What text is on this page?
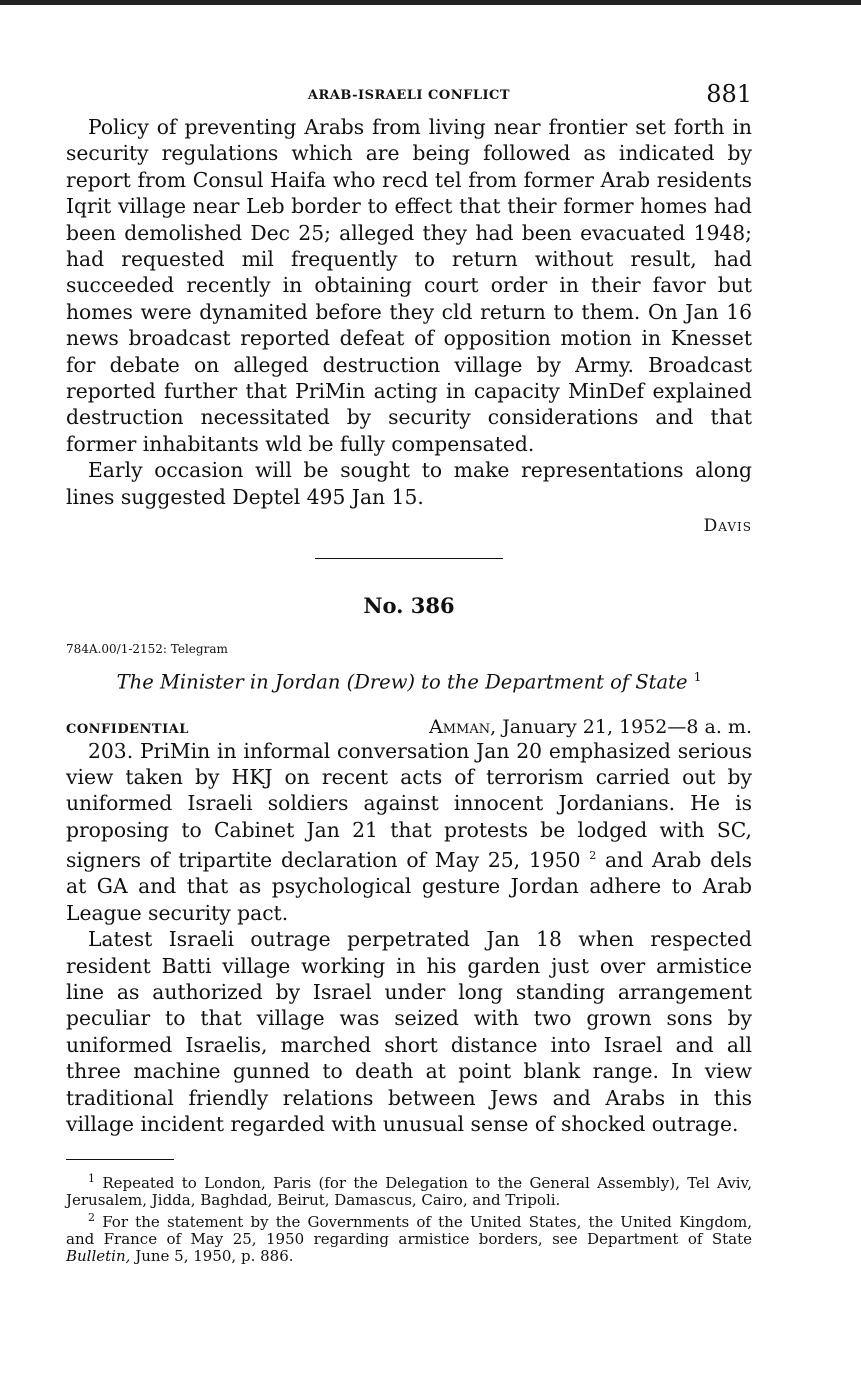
ARAB-ISRAELI CONFLICT	881

Policy of preventing Arabs from living near frontier set forth in security regulations which are being followed as indicated by report from Consul Haifa who recd tel from former Arab residents Iqrit village near Leb border to effect that their former homes had been demolished Dec 25; alleged they had been evacuated 1948; had requested mil frequently to return without result, had succeeded recently in obtaining court order in their favor but homes were dynamited before they cld return to them. On Jan 16 news broadcast reported defeat of opposition motion in Knesset for debate on alleged destruction village by Army. Broadcast reported further that PriMin acting in capacity MinDef explained destruction necessitated by security considerations and that former inhabitants wld be fully compensated.

Early occasion will be sought to make representations along lines suggested Deptel 495 Jan 15.

Davis
No. 386
784A.00/1-2152: Telegram
The Minister in Jordan (Drew) to the Department of State $^1$
CONFIDENTIAL	Amman, January 21, 1952—8 a. m.

203. PriMin in informal conversation Jan 20 emphasized serious view taken by HKJ on recent acts of terrorism carried out by uniformed Israeli soldiers against innocent Jordanians. He is proposing to Cabinet Jan 21 that protests be lodged with SC, signers of tripartite declaration of May 25, 1950 $^2$ and Arab dels at GA and that as psychological gesture Jordan adhere to Arab League security pact.

Latest Israeli outrage perpetrated Jan 18 when respected resident Batti village working in his garden just over armistice line as authorized by Israel under long standing arrangement peculiar to that village was seized with two grown sons by uniformed Israelis, marched short distance into Israel and all three machine gunned to death at point blank range. In view traditional friendly relations between Jews and Arabs in this village incident regarded with unusual sense of shocked outrage.

$^1$ Repeated to London, Paris (for the Delegation to the General Assembly), Tel Aviv, Jerusalem, Jidda, Baghdad, Beirut, Damascus, Cairo, and Tripoli.

$^2$ For the statement by the Governments of the United States, the United Kingdom, and France of May 25, 1950 regarding armistice borders, see Department of State Bulletin, June 5, 1950, p. 886.
